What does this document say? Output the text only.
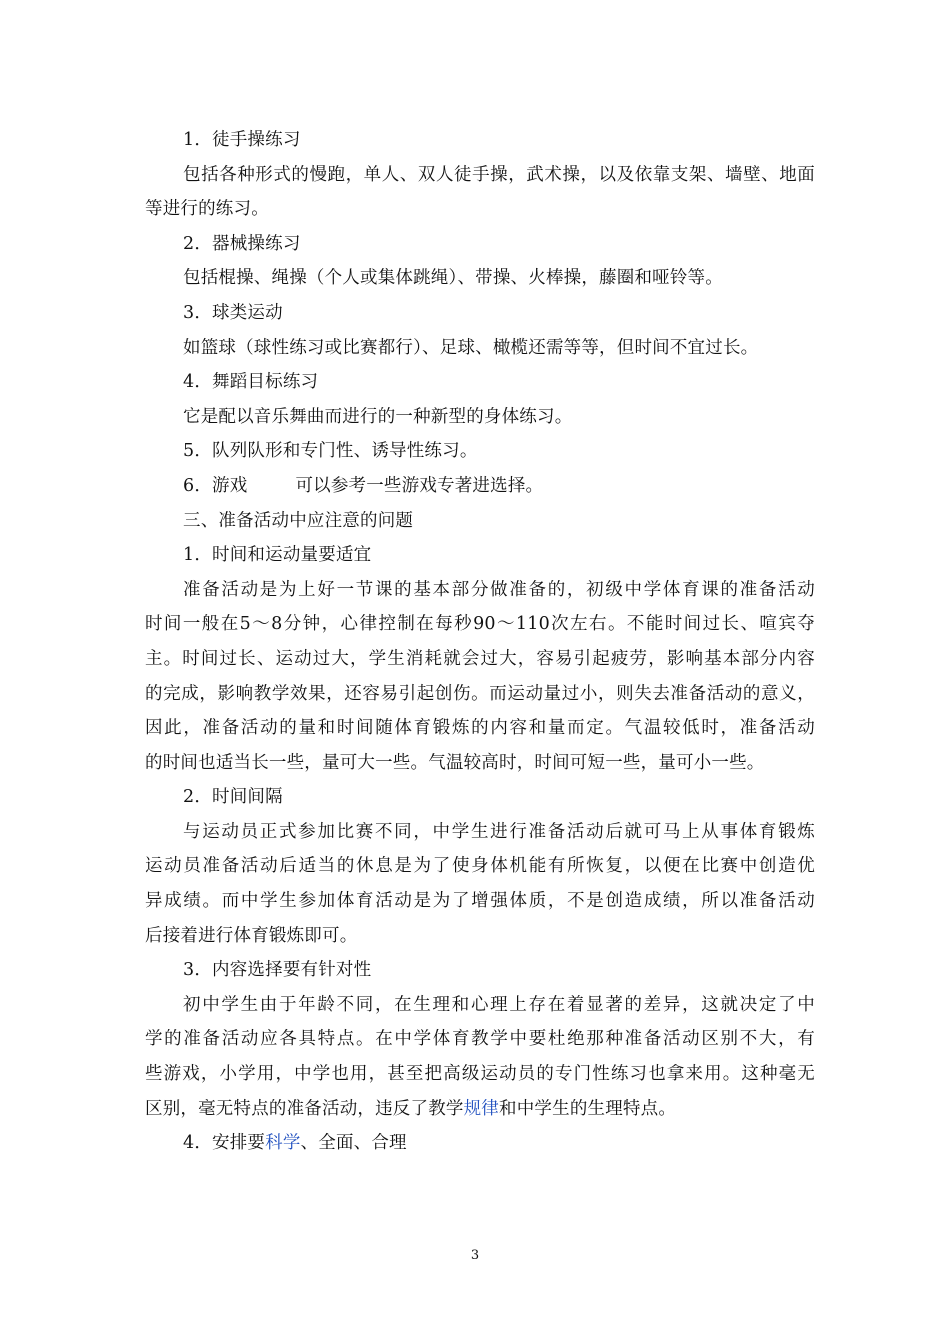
1．徒手操练习
包括各种形式的慢跑，单人、双人徒手操，武术操，以及依靠支架、墙壁、地面
等进行的练习。
2．器械操练习
包括棍操、绳操（个人或集体跳绳）、带操、火棒操，藤圈和哑铃等。
3．球类运动
如篮球（球性练习或比赛都行）、足球、橄榄还需等等，但时间不宜过长。
4．舞蹈目标练习
它是配以音乐舞曲而进行的一种新型的身体练习。
5．队列队形和专门性、诱导性练习。
6．游戏	可以参考一些游戏专著进选择。
三、准备活动中应注意的问题
1．时间和运动量要适宜
准备活动是为上好一节课的基本部分做准备的，初级中学体育课的准备活动
时间一般在5～8分钟，心律控制在每秒90～110次左右。不能时间过长、喧宾夺
主。时间过长、运动过大，学生消耗就会过大，容易引起疲劳，影响基本部分内容
的完成，影响教学效果，还容易引起创伤。而运动量过小，则失去准备活动的意义，
因此，准备活动的量和时间随体育锻炼的内容和量而定。气温较低时，准备活动
的时间也适当长一些，量可大一些。气温较高时，时间可短一些，量可小一些。
2．时间间隔
与运动员正式参加比赛不同，中学生进行准备活动后就可马上从事体育锻炼
运动员准备活动后适当的休息是为了使身体机能有所恢复，以便在比赛中创造优
异成绩。而中学生参加体育活动是为了增强体质，不是创造成绩，所以准备活动
后接着进行体育锻炼即可。
3．内容选择要有针对性
初中学生由于年龄不同，在生理和心理上存在着显著的差异，这就决定了中
学的准备活动应各具特点。在中学体育教学中要杜绝那种准备活动区别不大，有
些游戏，小学用，中学也用，甚至把高级运动员的专门性练习也拿来用。这种毫无
区别，毫无特点的准备活动，违反了教学规律和中学生的生理特点。
4．安排要科学、全面、合理
3
